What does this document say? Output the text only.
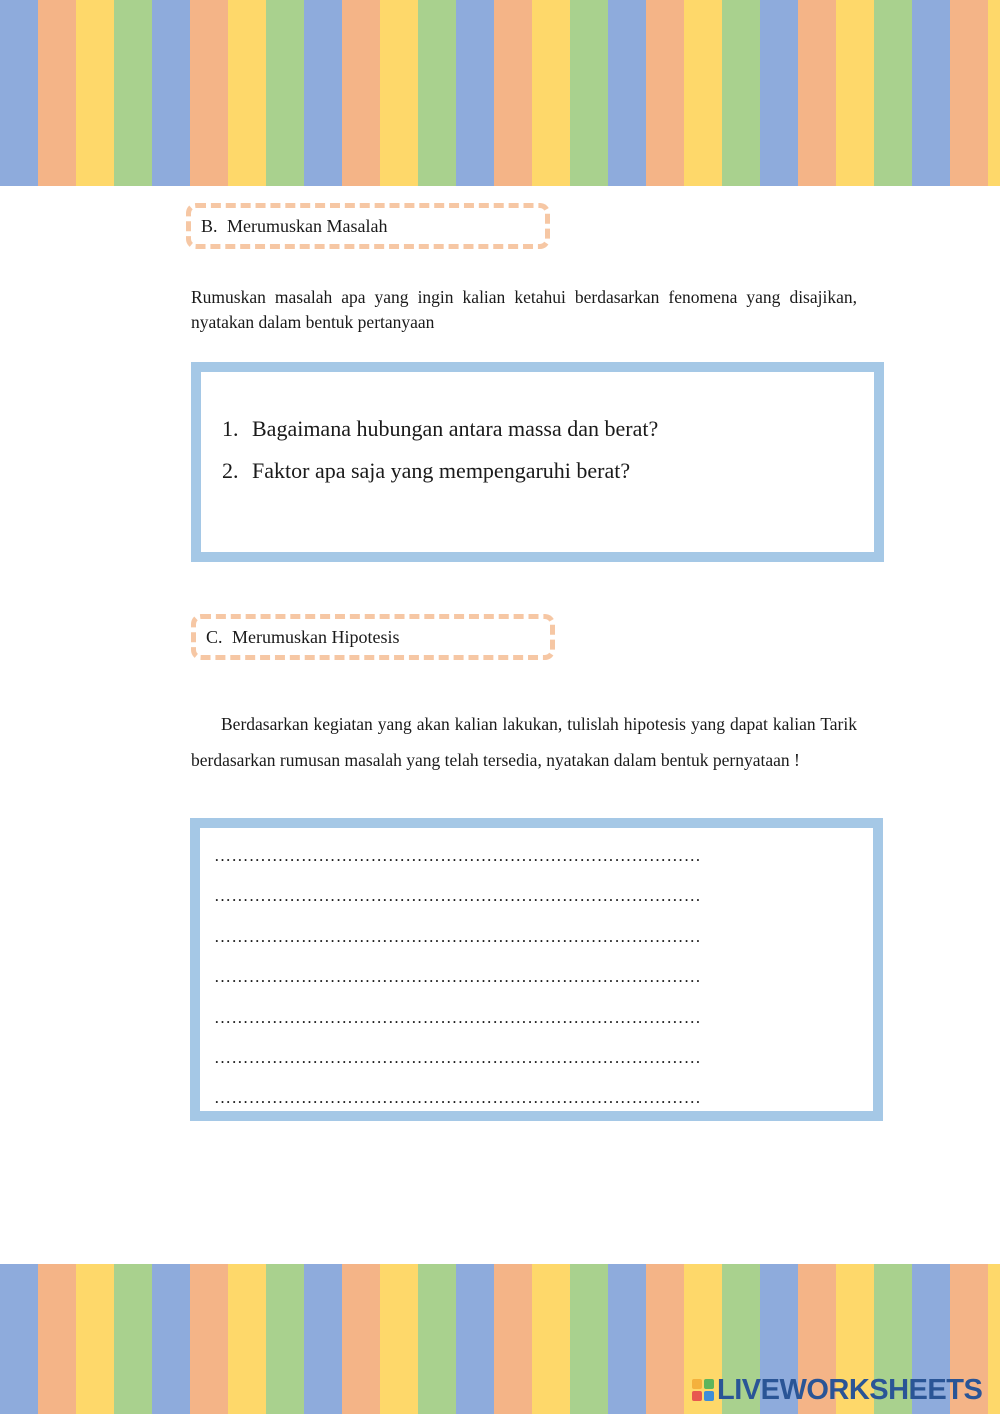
B. Merumuskan Masalah

Rumuskan masalah apa yang ingin kalian ketahui berdasarkan fenomena yang disajikan, nyatakan dalam bentuk pertanyaan

1. Bagaimana hubungan antara massa dan berat?
2. Faktor apa saja yang mempengaruhi berat?
C. Merumuskan Hipotesis

Berdasarkan kegiatan yang akan kalian lakukan, tulislah hipotesis yang dapat kalian Tarik berdasarkan rumusan masalah yang telah tersedia, nyatakan dalam bentuk pernyataan !

…………………………………………………………………………
…………………………………………………………………………
…………………………………………………………………………
…………………………………………………………………………
…………………………………………………………………………
…………………………………………………………………………
…………………………………………………………………………
LIVEWORKSHEETS
